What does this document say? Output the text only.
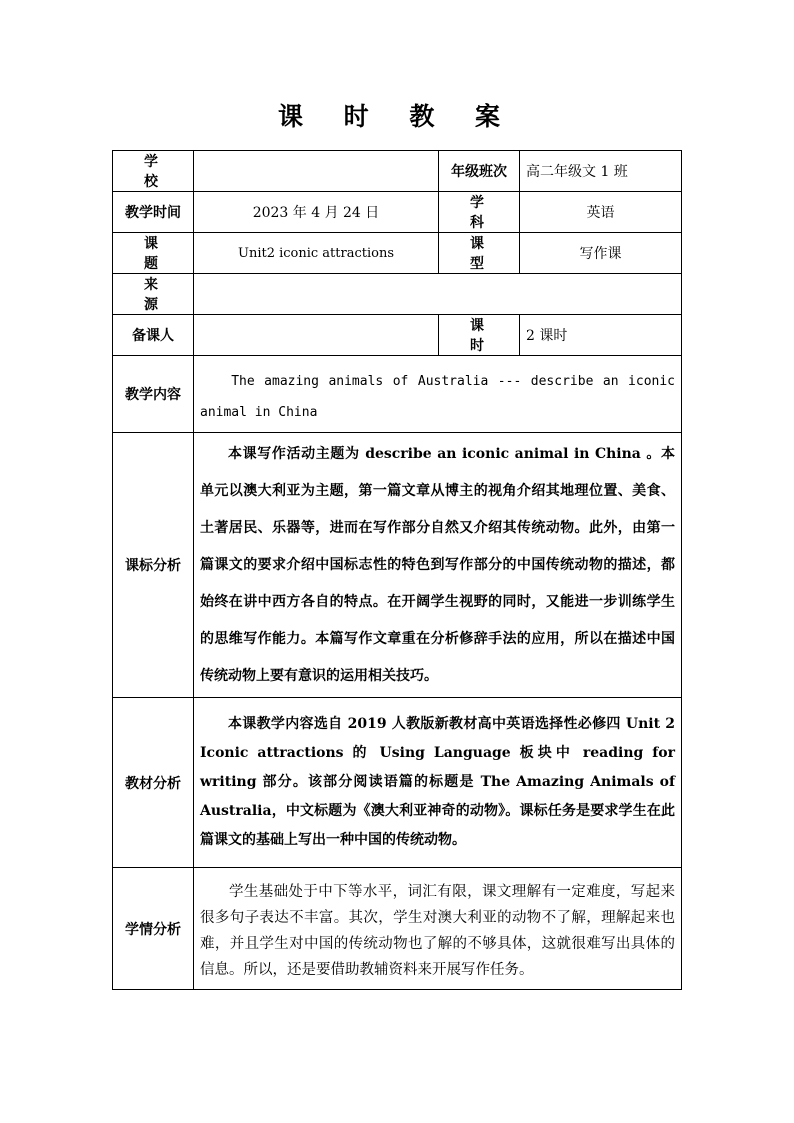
课 时 教 案
学 校		年级班次	高二年级文 1 班
教学时间	2023 年 4 月 24 日	学 科	英语
课 题	Unit2 iconic attractions	课 型	写作课
来 源			
备课人		课 时	2 课时
教学内容	The amazing animals of Australia --- describe an iconic animal in China		
课标分析	本课写作活动主题为 describe an iconic animal in China 。本单元以澳大利亚为主题，第一篇文章从博主的视角介绍其地理位置、美食、土著居民、乐器等，进而在写作部分自然又介绍其传统动物。此外，由第一篇课文的要求介绍中国标志性的特色到写作部分的中国传统动物的描述，都始终在讲中西方各自的特点。在开阔学生视野的同时，又能进一步训练学生的思维写作能力。本篇写作文章重在分析修辞手法的应用，所以在描述中国传统动物上要有意识的运用相关技巧。		
教材分析	本课教学内容选自 2019 人教版新教材高中英语选择性必修四 Unit 2 Iconic attractions 的 Using Language 板块中 reading for writing 部分。该部分阅读语篇的标题是 The Amazing Animals of Australia，中文标题为《澳大利亚神奇的动物》。课标任务是要求学生在此篇课文的基础上写出一种中国的传统动物。		
学情分析	学生基础处于中下等水平，词汇有限，课文理解有一定难度，写起来很多句子表达不丰富。其次，学生对澳大利亚的动物不了解，理解起来也难，并且学生对中国的传统动物也了解的不够具体，这就很难写出具体的信息。所以，还是要借助教辅资料来开展写作任务。		
